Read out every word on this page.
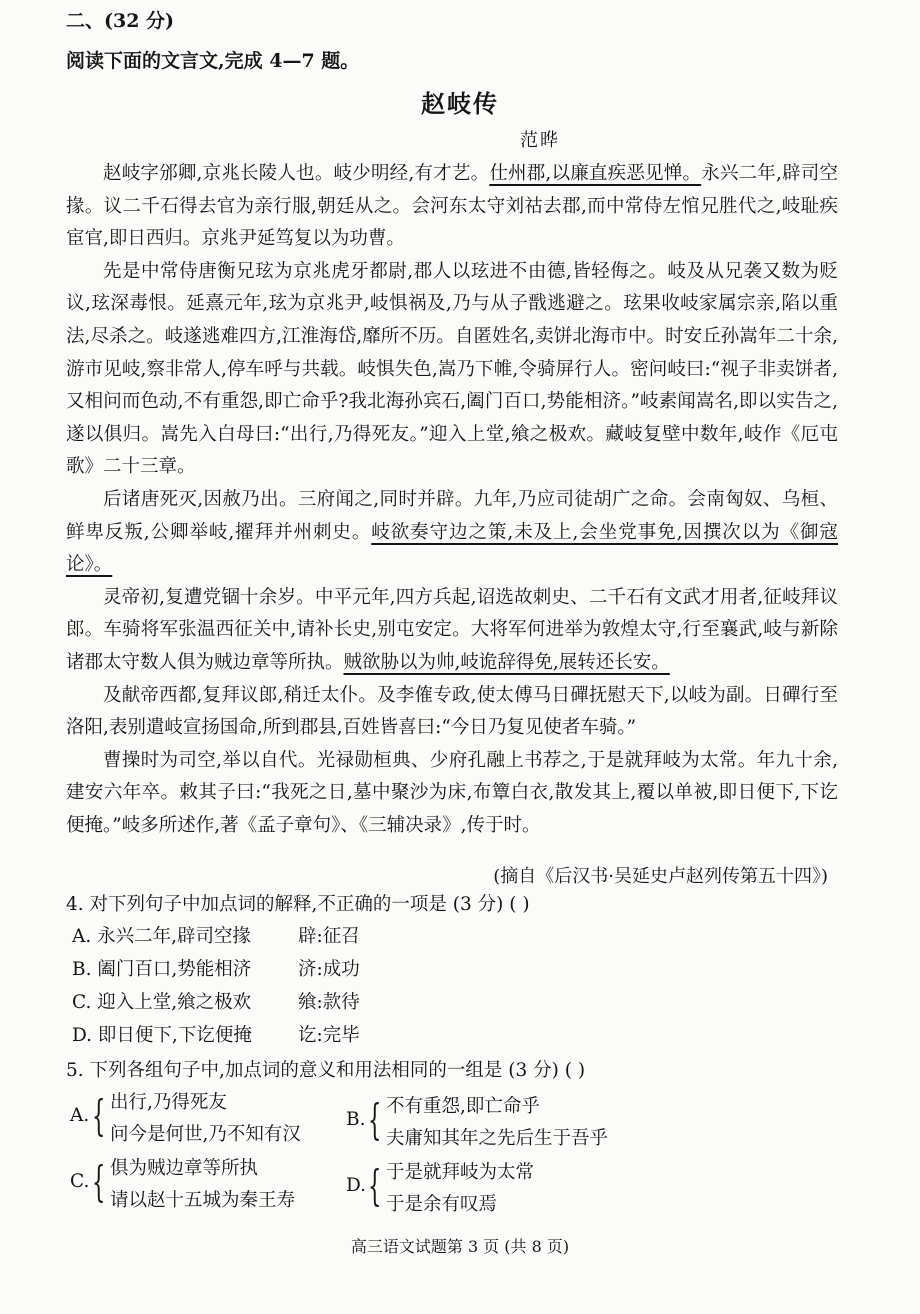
二、(32 分)
阅读下面的文言文,完成 4—7 题。
赵岐传
范晔

赵岐字邠卿,京兆长陵人也。岐少明经,有才艺。仕州郡,以廉直疾恶见惮。永兴二年,辟司空掾。议二千石得去官为亲行服,朝廷从之。会河东太守刘祜去郡,而中常侍左悺兄胜代之,岐耻疾宦官,即日西归。京兆尹延笃复以为功曹。

先是中常侍唐衡兄玹为京兆虎牙都尉,郡人以玹进不由德,皆轻侮之。岐及从兄袭又数为贬议,玹深毒恨。延熹元年,玹为京兆尹,岐惧祸及,乃与从子戬逃避之。玹果收岐家属宗亲,陷以重法,尽杀之。岐遂逃难四方,江淮海岱,靡所不历。自匿姓名,卖饼北海市中。时安丘孙嵩年二十余,游市见岐,察非常人,停车呼与共载。岐惧失色,嵩乃下帷,令骑屏行人。密问岐曰:“视子非卖饼者,又相问而色动,不有重怨,即亡命乎?我北海孙宾石,阖门百口,势能相济。”岐素闻嵩名,即以实告之,遂以俱归。嵩先入白母曰:“出行,乃得死友。”迎入上堂,飨之极欢。藏岐复壁中数年,岐作《厄屯歌》二十三章。

后诸唐死灭,因赦乃出。三府闻之,同时并辟。九年,乃应司徒胡广之命。会南匈奴、乌桓、鲜卑反叛,公卿举岐,擢拜并州刺史。岐欲奏守边之策,未及上,会坐党事免,因撰次以为《御寇论》。

灵帝初,复遭党锢十余岁。中平元年,四方兵起,诏选故刺史、二千石有文武才用者,征岐拜议郎。车骑将军张温西征关中,请补长史,别屯安定。大将军何进举为敦煌太守,行至襄武,岐与新除诸郡太守数人俱为贼边章等所执。贼欲胁以为帅,岐诡辞得免,展转还长安。

及献帝西都,复拜议郎,稍迁太仆。及李傕专政,使太傅马日磾抚慰天下,以岐为副。日磾行至洛阳,表别遣岐宣扬国命,所到郡县,百姓皆喜曰:“今日乃复见使者车骑。”

曹操时为司空,举以自代。光禄勋桓典、少府孔融上书荐之,于是就拜岐为太常。年九十余,建安六年卒。敕其子曰:“我死之日,墓中聚沙为床,布簟白衣,散发其上,覆以单被,即日便下,下讫便掩。”岐多所述作,著《孟子章句》、《三辅决录》,传于时。

(摘自《后汉书·吴延史卢赵列传第五十四》)
4. 对下列句子中加点词的解释,不正确的一项是 (3 分) ( )
A. 永兴二年,辟司空掾	辟:征召
B. 阖门百口,势能相济	济:成功
C. 迎入上堂,飨之极欢	飨:款待
D. 即日便下,下讫便掩 讫:完毕
5. 下列各组句子中,加点词的意义和用法相同的一组是 (3 分) ( )
A. { 出行,乃得死友
问今是何世,乃不知有汉
B. { 不有重怨,即亡命乎
夫庸知其年之先后生于吾乎
C. { 俱为贼边章等所执
请以赵十五城为秦王寿
D. { 于是就拜岐为太常
于是余有叹焉
高三语文试题第 3 页 (共 8 页)
